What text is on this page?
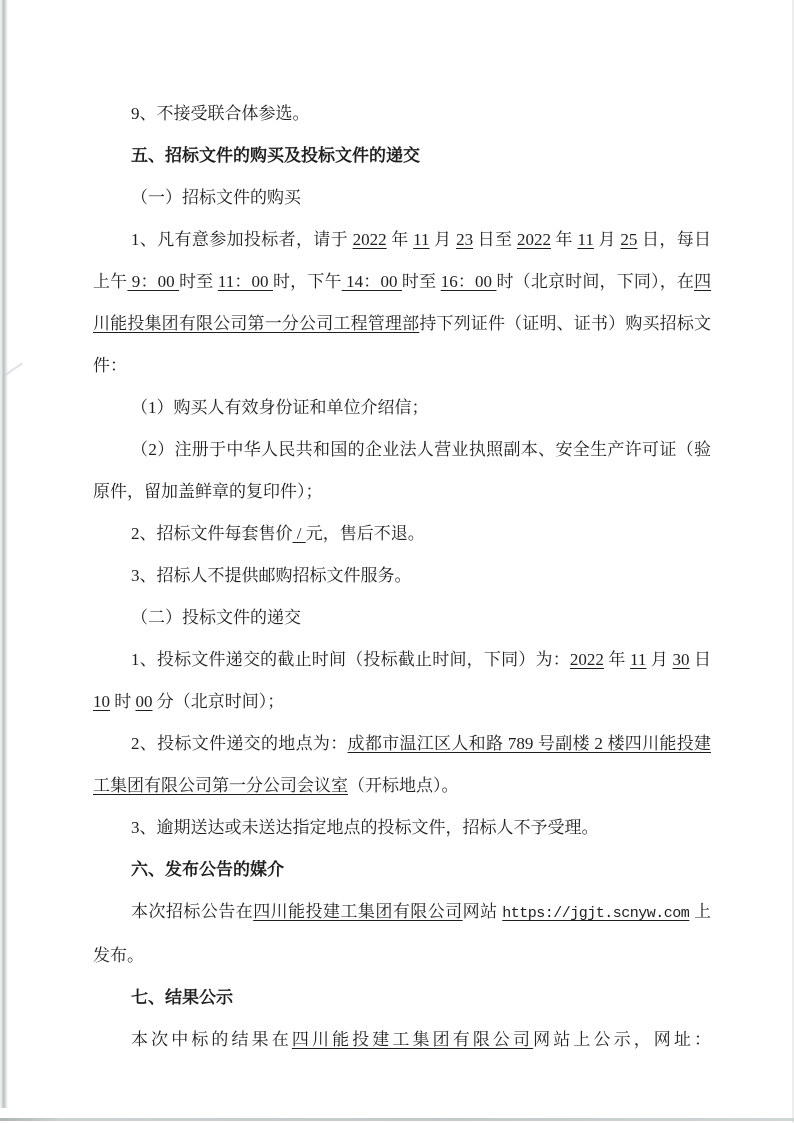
9、不接受联合体参选。

五、招标文件的购买及投标文件的递交

（一）招标文件的购买

1、凡有意参加投标者，请于 2022 年 11 月 23 日至 2022 年 11 月 25 日，每日上午 9：00 时至 11：00 时，下午 14：00 时至 16：00 时（北京时间，下同），在四川能投集团有限公司第一分公司工程管理部持下列证件（证明、证书）购买招标文件：

（1）购买人有效身份证和单位介绍信；

（2）注册于中华人民共和国的企业法人营业执照副本、安全生产许可证（验原件，留加盖鲜章的复印件）；

2、招标文件每套售价 / 元，售后不退。

3、招标人不提供邮购招标文件服务。

（二）投标文件的递交

1、投标文件递交的截止时间（投标截止时间，下同）为：2022 年 11 月 30 日 10 时 00 分（北京时间）；

2、投标文件递交的地点为：成都市温江区人和路 789 号副楼 2 楼四川能投建工集团有限公司第一分公司会议室（开标地点）。

3、逾期送达或未送达指定地点的投标文件，招标人不予受理。

六、发布公告的媒介

本次招标公告在四川能投建工集团有限公司网站 https://jgjt.scnyw.com 上发布。

七、结果公示

本次中标的结果在四川能投建工集团有限公司网站上公示，网址：
